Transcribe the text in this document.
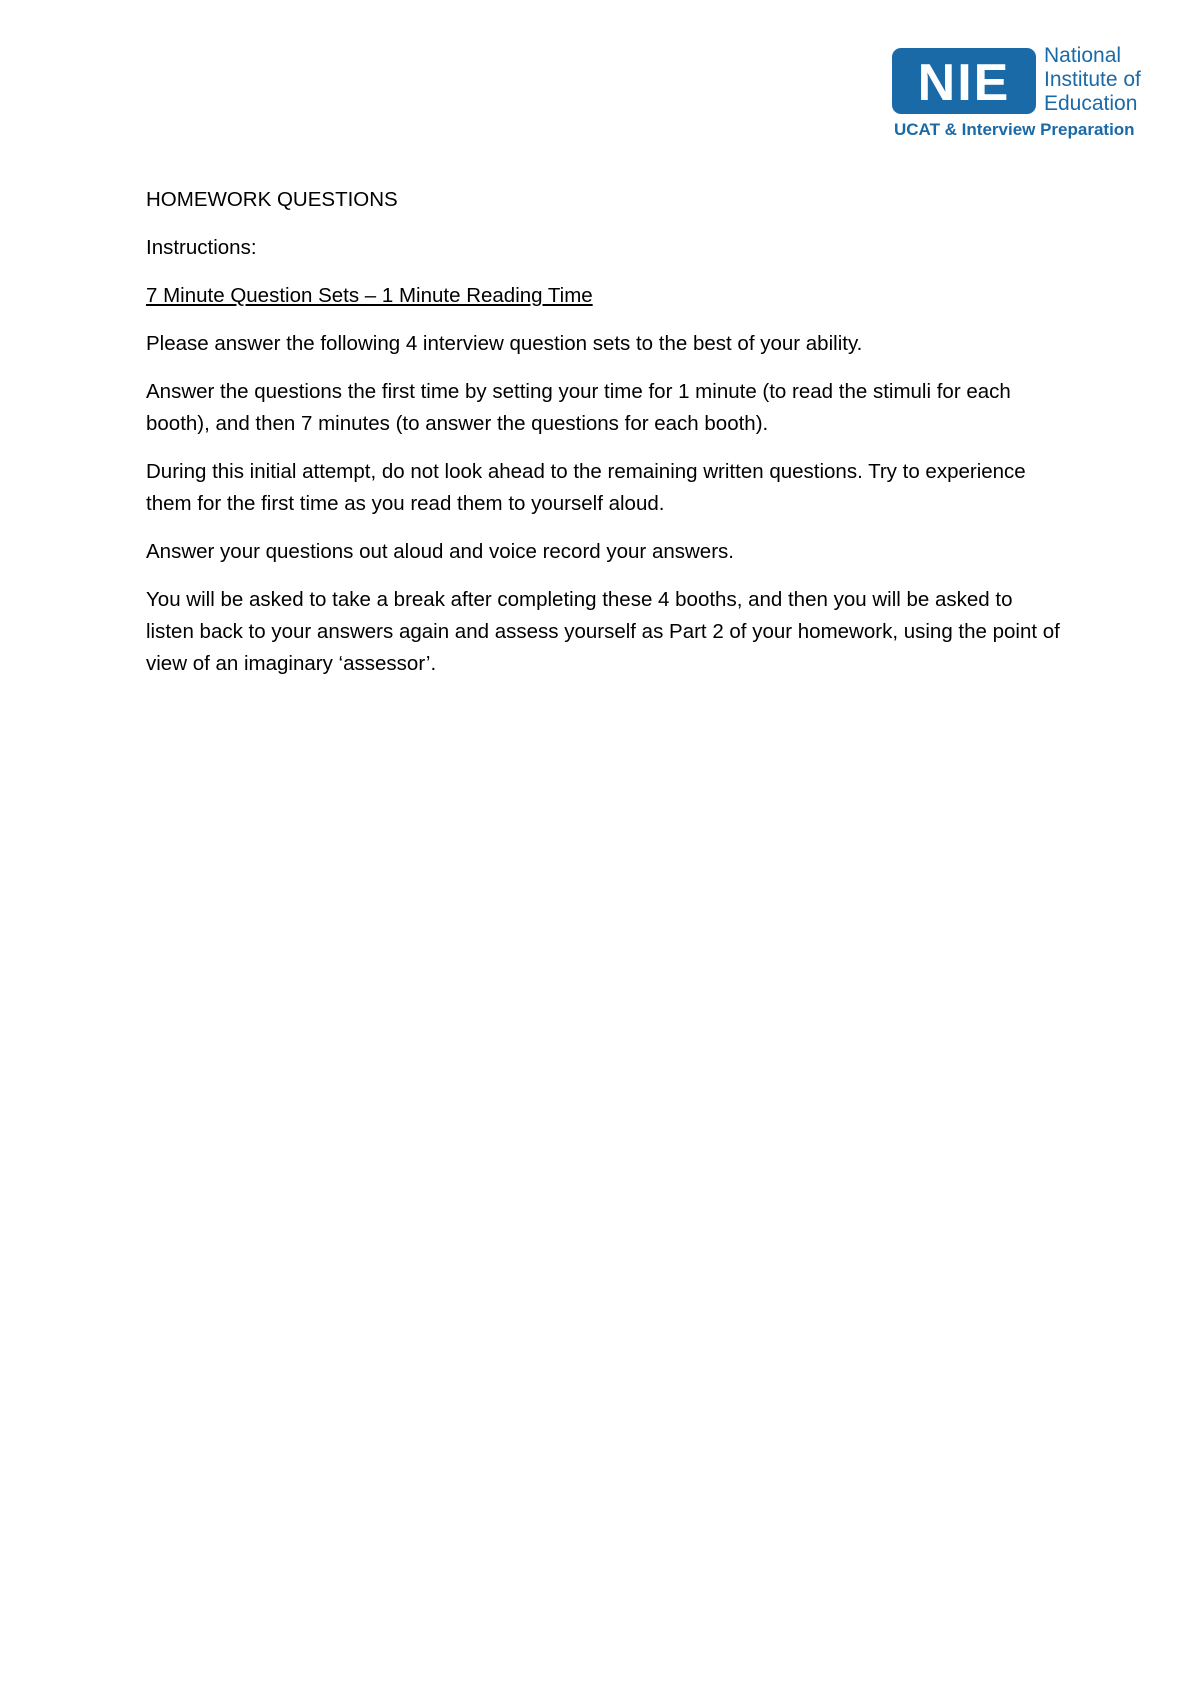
NIE National
Institute of
Education
UCAT & Interview Preparation

HOMEWORK QUESTIONS

Instructions:

7 Minute Question Sets – 1 Minute Reading Time

Please answer the following 4 interview question sets to the best of your ability.

Answer the questions the first time by setting your time for 1 minute (to read the stimuli for each booth), and then 7 minutes (to answer the questions for each booth).

During this initial attempt, do not look ahead to the remaining written questions. Try to experience them for the first time as you read them to yourself aloud.

Answer your questions out aloud and voice record your answers.

You will be asked to take a break after completing these 4 booths, and then you will be asked to listen back to your answers again and assess yourself as Part 2 of your homework, using the point of view of an imaginary ‘assessor’.
